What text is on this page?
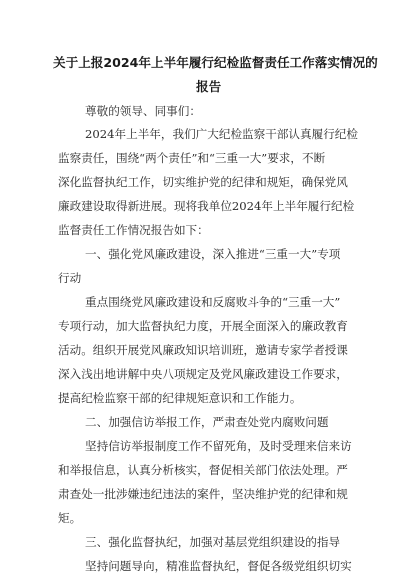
关于上报2024年上半年履行纪检监督责任工作落实情况的
报告
尊敬的领导、同事们：
2024年上半年，我们广大纪检监察干部认真履行纪检
监察责任，围绕“两个责任”和“三重一大”要求，不断
深化监督执纪工作，切实维护党的纪律和规矩，确保党风
廉政建设取得新进展。现将我单位2024年上半年履行纪检
监督责任工作情况报告如下：
一、强化党风廉政建设，深入推进“三重一大”专项
行动
重点围绕党风廉政建设和反腐败斗争的“三重一大”
专项行动，加大监督执纪力度，开展全面深入的廉政教育
活动。组织开展党风廉政知识培训班，邀请专家学者授课
深入浅出地讲解中央八项规定及党风廉政建设工作要求，
提高纪检监察干部的纪律规矩意识和工作能力。
二、加强信访举报工作，严肃查处党内腐败问题
坚持信访举报制度工作不留死角，及时受理来信来访
和举报信息，认真分析核实，督促相关部门依法处理。严
肃查处一批涉嫌违纪违法的案件，坚决维护党的纪律和规
矩。
三、强化监督执纪，加强对基层党组织建设的指导
坚持问题导向，精准监督执纪，督促各级党组织切实
